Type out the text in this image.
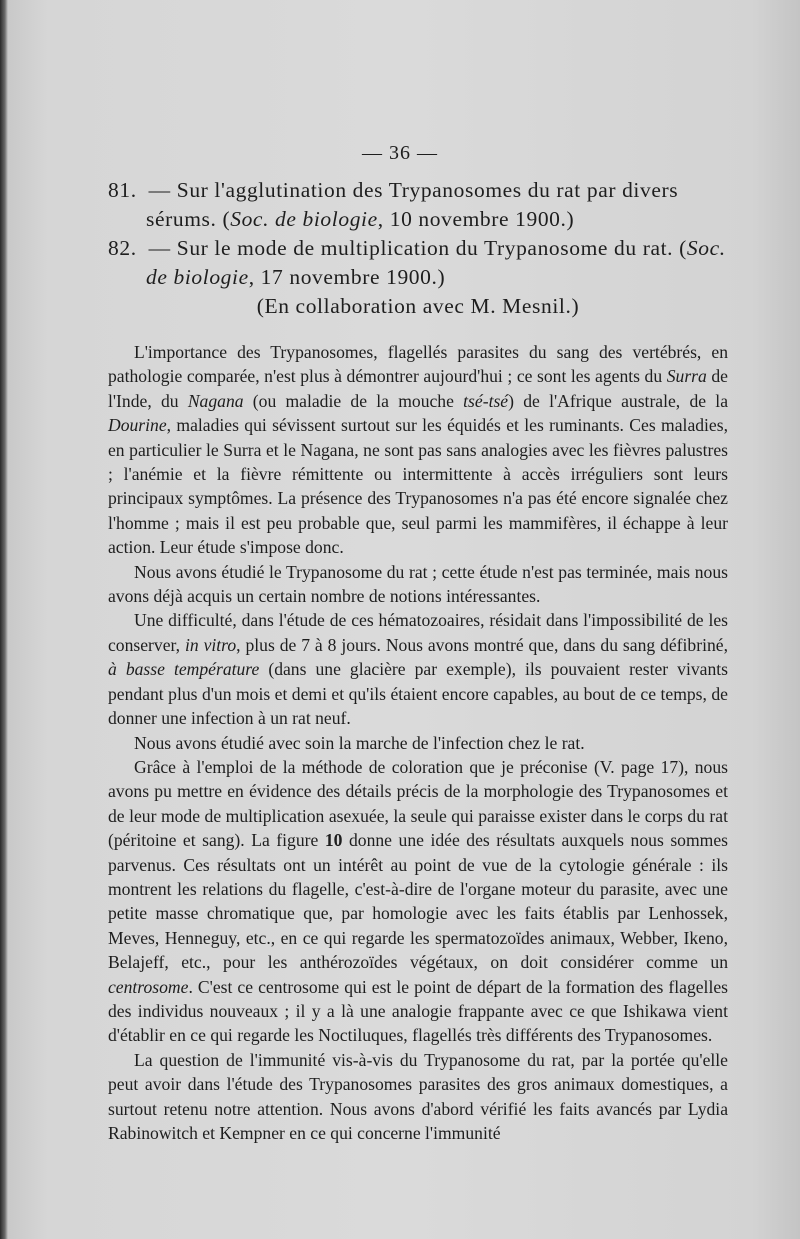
— 36 —

81. — Sur l'agglutination des Trypanosomes du rat par divers sérums. (Soc. de biologie, 10 novembre 1900.)

82. — Sur le mode de multiplication du Trypanosome du rat. (Soc. de biologie, 17 novembre 1900.)

(En collaboration avec M. Mesnil.)

L'importance des Trypanosomes, flagellés parasites du sang des vertébrés, en pathologie comparée, n'est plus à démontrer aujourd'hui ; ce sont les agents du Surra de l'Inde, du Nagana (ou maladie de la mouche tsé-tsé) de l'Afrique australe, de la Dourine, maladies qui sévissent surtout sur les équidés et les ruminants. Ces maladies, en particulier le Surra et le Nagana, ne sont pas sans analogies avec les fièvres palustres ; l'anémie et la fièvre rémittente ou intermittente à accès irréguliers sont leurs principaux symptômes. La présence des Trypanosomes n'a pas été encore signalée chez l'homme ; mais il est peu probable que, seul parmi les mammifères, il échappe à leur action. Leur étude s'impose donc.

Nous avons étudié le Trypanosome du rat ; cette étude n'est pas terminée, mais nous avons déjà acquis un certain nombre de notions intéressantes.

Une difficulté, dans l'étude de ces hématozoaires, résidait dans l'impossibilité de les conserver, in vitro, plus de 7 à 8 jours. Nous avons montré que, dans du sang défibriné, à basse température (dans une glacière par exemple), ils pouvaient rester vivants pendant plus d'un mois et demi et qu'ils étaient encore capables, au bout de ce temps, de donner une infection à un rat neuf.

Nous avons étudié avec soin la marche de l'infection chez le rat.

Grâce à l'emploi de la méthode de coloration que je préconise (V. page 17), nous avons pu mettre en évidence des détails précis de la morphologie des Trypanosomes et de leur mode de multiplication asexuée, la seule qui paraisse exister dans le corps du rat (péritoine et sang). La figure 10 donne une idée des résultats auxquels nous sommes parvenus. Ces résultats ont un intérêt au point de vue de la cytologie générale : ils montrent les relations du flagelle, c'est-à-dire de l'organe moteur du parasite, avec une petite masse chromatique que, par homologie avec les faits établis par Lenhossek, Meves, Henneguy, etc., en ce qui regarde les spermatozoïdes animaux, Webber, Ikeno, Belajeff, etc., pour les anthérozoïdes végétaux, on doit considérer comme un centrosome. C'est ce centrosome qui est le point de départ de la formation des flagelles des individus nouveaux ; il y a là une analogie frappante avec ce que Ishikawa vient d'établir en ce qui regarde les Noctiluques, flagellés très différents des Trypanosomes.

La question de l'immunité vis-à-vis du Trypanosome du rat, par la portée qu'elle peut avoir dans l'étude des Trypanosomes parasites des gros animaux domestiques, a surtout retenu notre attention. Nous avons d'abord vérifié les faits avancés par Lydia Rabinowitch et Kempner en ce qui concerne l'immunité
